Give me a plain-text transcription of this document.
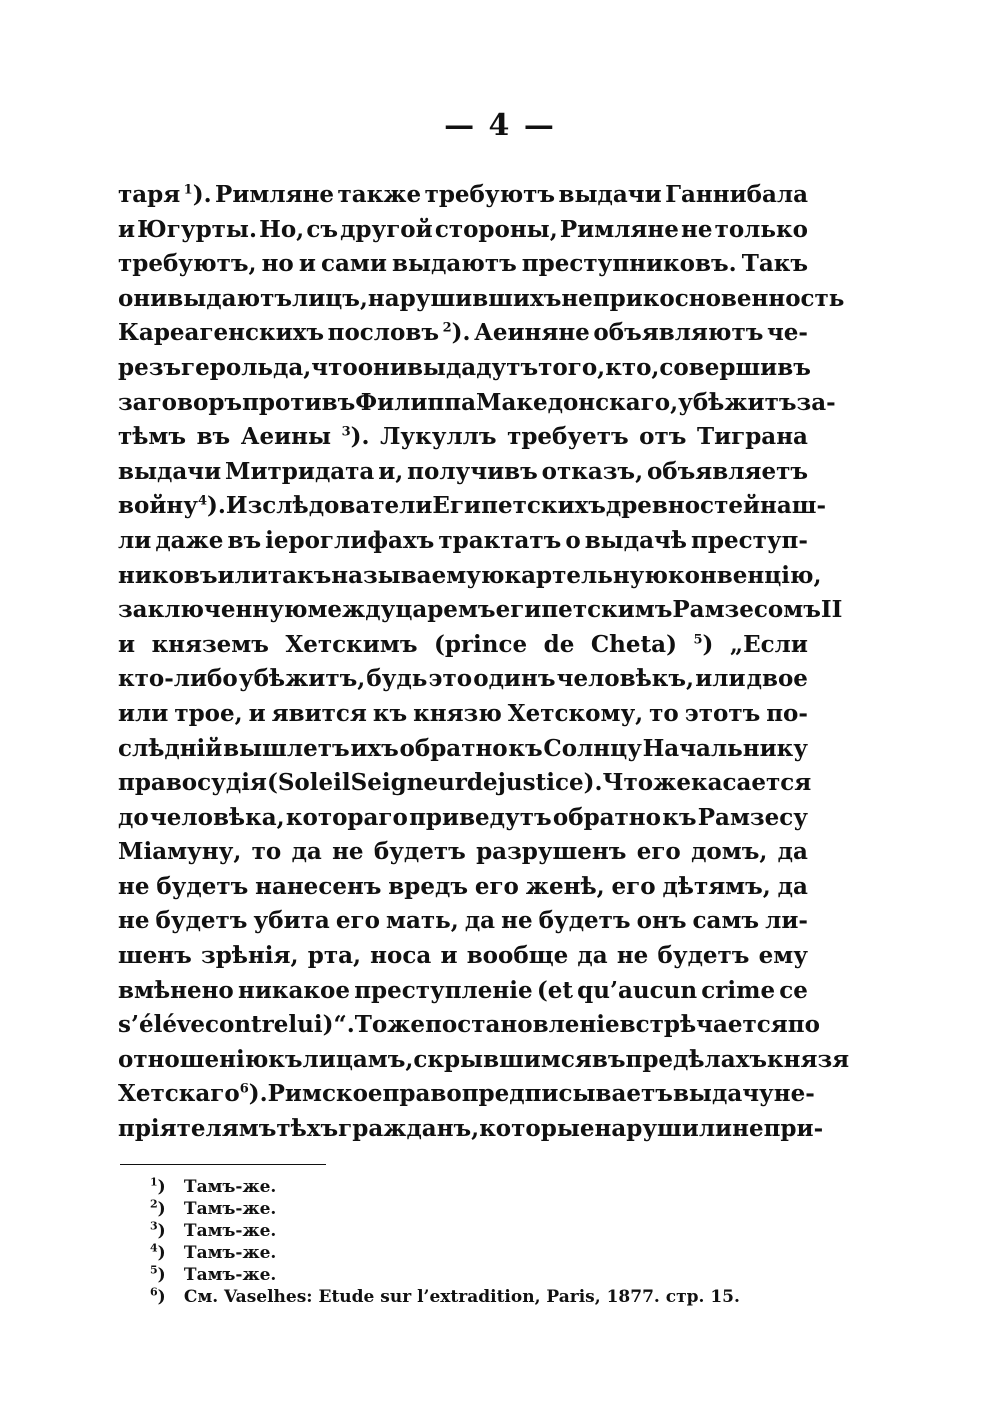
— 4 —
таря $^1$). Римляне также требуютъ выдачи Ганнибала
и Югурты. Но, съ другой стороны, Римляне не только
требуютъ, но и сами выдаютъ преступниковъ. Такъ
они выдаютъ лицъ, нарушившихъ неприкосновенность
Кареагенскихъ пословъ $^2$). Аеиняне объявляютъ че-
резъ герольда, что они выдадутъ того, кто, совершивъ
заговоръ противъ Филиппа Македонскаго, убѣжитъ за-
тѣмъ въ Аеины $^3$). Лукуллъ требуетъ отъ Тиграна
выдачи Митридата и, получивъ отказъ, объявляетъ
войну $^4$). Изслѣдователи Египетскихъ древностей наш-
ли даже въ іероглифахъ трактатъ о выдачѣ преступ-
никовъ или такъ называемую картельную конвенцію,
заключенную между царемъ египетскимъ Рамзесомъ II
и княземъ Хетскимъ (prince de Cheta) $^5$) „Если
кто-либо убѣжитъ, будь это одинъ человѣкъ, или двое
или трое, и явится къ князю Хетскому, то этотъ по-
слѣдній вышлетъ ихъ обратно къ Солнцу Начальнику
правосудія (Soleil Seigneur de justice). Что же касается
до человѣка, котораго приведутъ обратно къ Рамзесу
Міамуну, то да не будетъ разрушенъ его домъ, да
не будетъ нанесенъ вредъ его женѣ, его дѣтямъ, да
не будетъ убита его мать, да не будетъ онъ самъ ли-
шенъ зрѣнія, рта, носа и вообще да не будетъ ему
вмѣнено никакое преступленіе (et qu’aucun crime ce
s’éléve contre lui)“. Тоже постановленіе встрѣчается по
отношенію къ лицамъ, скрывшимся въ предѣлахъ князя
Хетскаго $^6$). Римское право предписываетъ выдачу не-
пріятелямъ тѣхъ гражданъ, которые нарушили непри-
$^1$) Тамъ-же.
$^2$) Тамъ-же.
$^3$) Тамъ-же.
$^4$) Тамъ-же.
$^5$) Тамъ-же.
$^6$) См. Vaselhes: Etude sur l’extradition, Paris, 1877. стр. 15.
